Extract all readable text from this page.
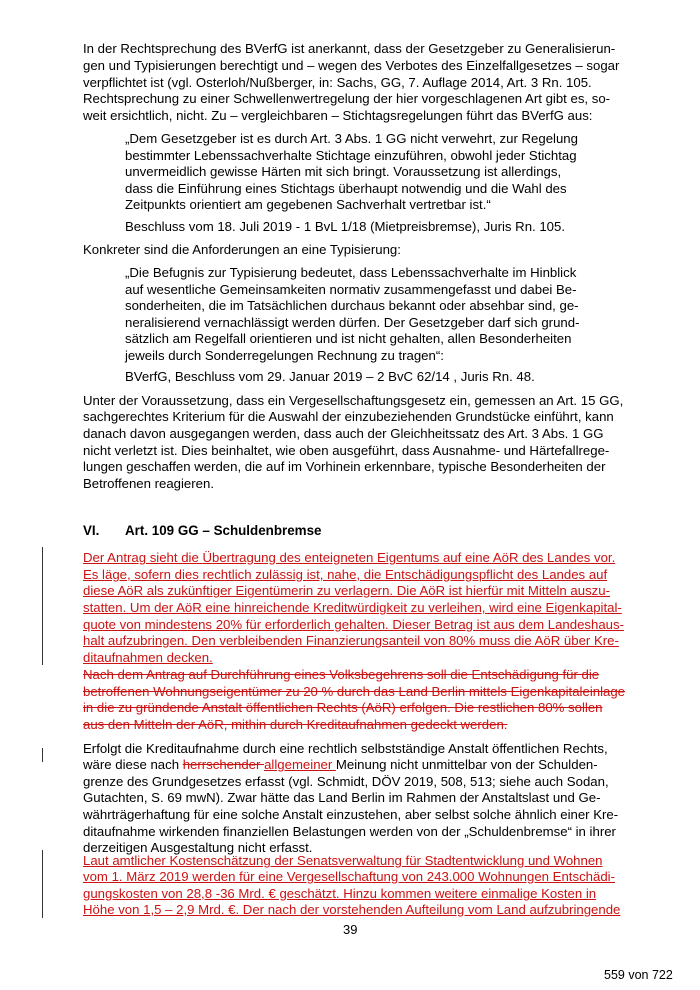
In der Rechtsprechung des BVerfG ist anerkannt, dass der Gesetzgeber zu Generalisierun-
gen und Typisierungen berechtigt und – wegen des Verbotes des Einzelfallgesetzes – sogar
verpflichtet ist (vgl. Osterloh/Nußberger, in: Sachs, GG, 7. Auflage 2014, Art. 3 Rn. 105.
Rechtsprechung zu einer Schwellenwertregelung der hier vorgeschlagenen Art gibt es, so-
weit ersichtlich, nicht. Zu – vergleichbaren – Stichtagsregelungen führt das BVerfG aus:
„Dem Gesetzgeber ist es durch Art. 3 Abs. 1 GG nicht verwehrt, zur Regelung
bestimmter Lebenssachverhalte Stichtage einzuführen, obwohl jeder Stichtag
unvermeidlich gewisse Härten mit sich bringt. Voraussetzung ist allerdings,
dass die Einführung eines Stichtags überhaupt notwendig und die Wahl des
Zeitpunkts orientiert am gegebenen Sachverhalt vertretbar ist.“
Beschluss vom 18. Juli 2019 - 1 BvL 1/18 (Mietpreisbremse), Juris Rn. 105.
Konkreter sind die Anforderungen an eine Typisierung:
„Die Befugnis zur Typisierung bedeutet, dass Lebenssachverhalte im Hinblick
auf wesentliche Gemeinsamkeiten normativ zusammengefasst und dabei Be-
sonderheiten, die im Tatsächlichen durchaus bekannt oder absehbar sind, ge-
neralisierend vernachlässigt werden dürfen. Der Gesetzgeber darf sich grund-
sätzlich am Regelfall orientieren und ist nicht gehalten, allen Besonderheiten
jeweils durch Sonderregelungen Rechnung zu tragen“:
BVerfG, Beschluss vom 29. Januar 2019 – 2 BvC 62/14 , Juris Rn. 48.
Unter der Voraussetzung, dass ein Vergesellschaftungsgesetz ein, gemessen an Art. 15 GG,
sachgerechtes Kriterium für die Auswahl der einzubeziehenden Grundstücke einführt, kann
danach davon ausgegangen werden, dass auch der Gleichheitssatz des Art. 3 Abs. 1 GG
nicht verletzt ist. Dies beinhaltet, wie oben ausgeführt, dass Ausnahme- und Härtefallrege-
lungen geschaffen werden, die auf im Vorhinein erkennbare, typische Besonderheiten der
Betroffenen reagieren.
VI. Art. 109 GG – Schuldenbremse
Der Antrag sieht die Übertragung des enteigneten Eigentums auf eine AöR des Landes vor.
Es läge, sofern dies rechtlich zulässig ist, nahe, die Entschädigungspflicht des Landes auf
diese AöR als zukünftiger Eigentümerin zu verlagern. Die AöR ist hierfür mit Mitteln auszu-
statten. Um der AöR eine hinreichende Kreditwürdigkeit zu verleihen, wird eine Eigenkapital-
quote von mindestens 20% für erforderlich gehalten. Dieser Betrag ist aus dem Landeshaus-
halt aufzubringen. Den verbleibenden Finanzierungsanteil von 80% muss die AöR über Kre-
ditaufnahmen decken.
Nach dem Antrag auf Durchführung eines Volksbegehrens soll die Entschädigung für die
betroffenen Wohnungseigentümer zu 20 % durch das Land Berlin mittels Eigenkapitaleinlage
in die zu gründende Anstalt öffentlichen Rechts (AöR) erfolgen. Die restlichen 80% sollen
aus den Mitteln der AöR, mithin durch Kreditaufnahmen gedeckt werden.
Erfolgt die Kreditaufnahme durch eine rechtlich selbstständige Anstalt öffentlichen Rechts,
wäre diese nach herrschender allgemeiner Meinung nicht unmittelbar von der Schulden-
grenze des Grundgesetzes erfasst (vgl. Schmidt, DÖV 2019, 508, 513; siehe auch Sodan,
Gutachten, S. 69 mwN). Zwar hätte das Land Berlin im Rahmen der Anstaltslast und Ge-
währträgerhaftung für eine solche Anstalt einzustehen, aber selbst solche ähnlich einer Kre-
ditaufnahme wirkenden finanziellen Belastungen werden von der „Schuldenbremse“ in ihrer
derzeitigen Ausgestaltung nicht erfasst.
Laut amtlicher Kostenschätzung der Senatsverwaltung für Stadtentwicklung und Wohnen
vom 1. März 2019 werden für eine Vergesellschaftung von 243.000 Wohnungen Entschädi-
gungskosten von 28,8 -36 Mrd. € geschätzt. Hinzu kommen weitere einmalige Kosten in
Höhe von 1,5 – 2,9 Mrd. €. Der nach der vorstehenden Aufteilung vom Land aufzubringende
39
559 von 722
